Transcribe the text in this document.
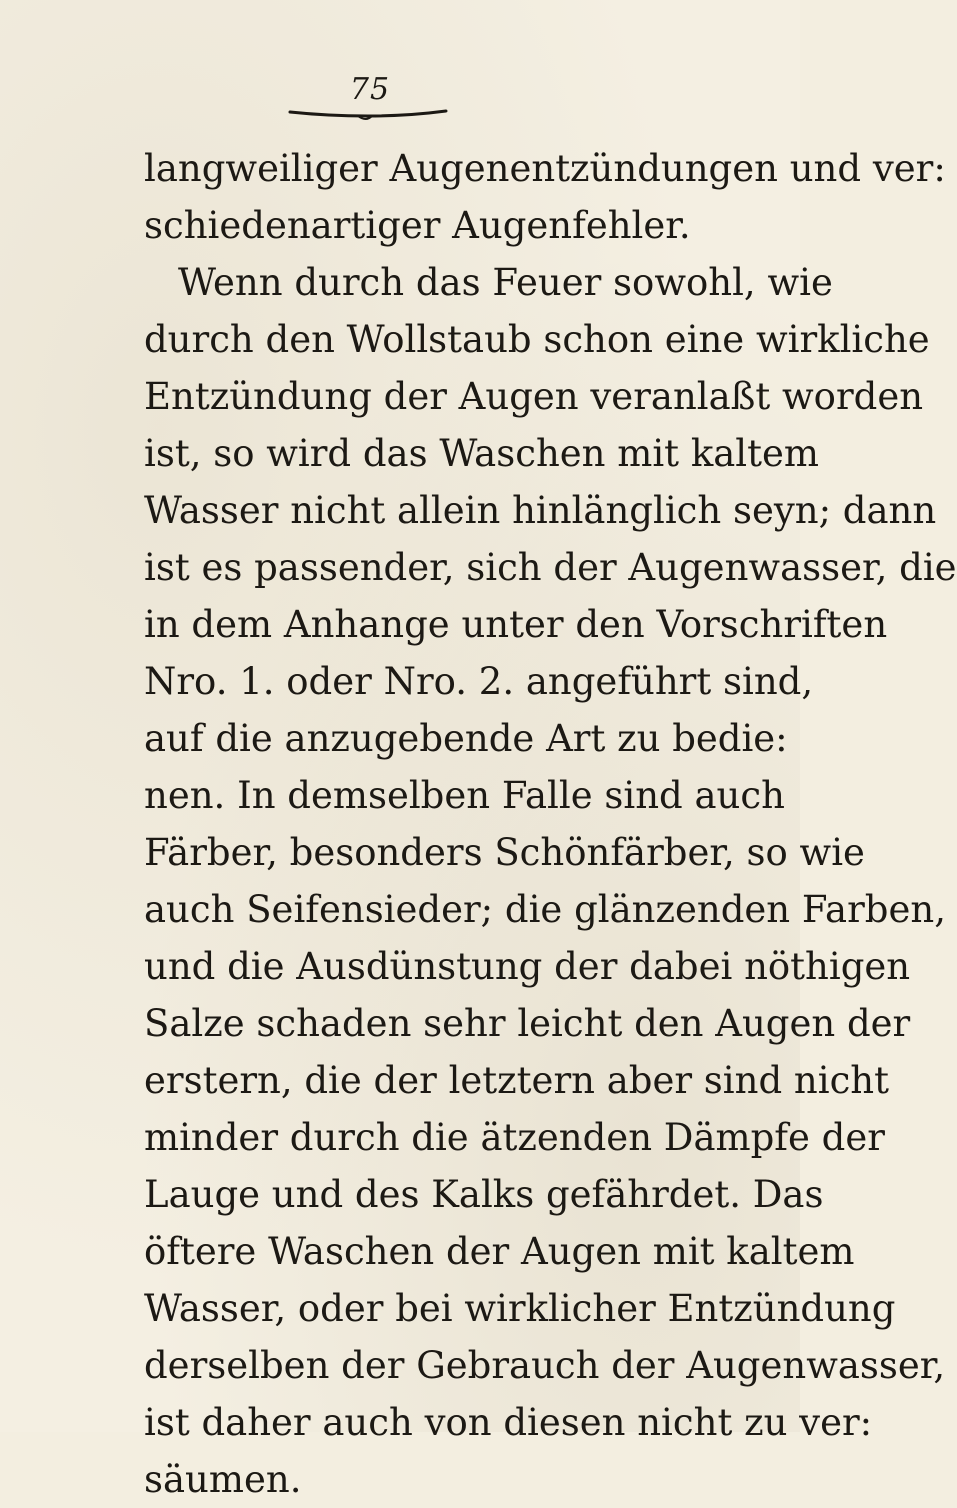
75
langweiliger Augenentzündungen und ver:
schiedenartiger Augenfehler.
Wenn durch das Feuer sowohl, wie
durch den Wollstaub schon eine wirkliche
Entzündung der Augen veranlaßt worden
ist, so wird das Waschen mit kaltem
Wasser nicht allein hinlänglich seyn; dann
ist es passender, sich der Augenwasser, die
in dem Anhange unter den Vorschriften
Nro. 1. oder Nro. 2. angeführt sind,
auf die anzugebende Art zu bedie:
nen. In demselben Falle sind auch
Färber, besonders Schönfärber, so wie
auch Seifensieder; die glänzenden Farben,
und die Ausdünstung der dabei nöthigen
Salze schaden sehr leicht den Augen der
erstern, die der letztern aber sind nicht
minder durch die ätzenden Dämpfe der
Lauge und des Kalks gefährdet. Das
öftere Waschen der Augen mit kaltem
Wasser, oder bei wirklicher Entzündung
derselben der Gebrauch der Augenwasser,
ist daher auch von diesen nicht zu ver:
säumen.
